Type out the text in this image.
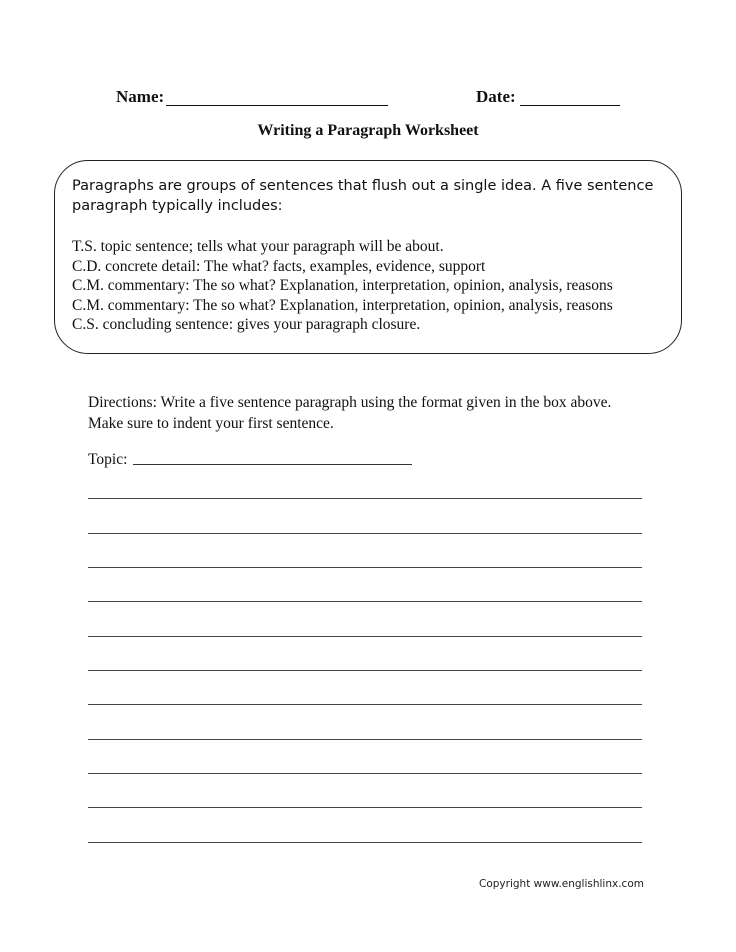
Name:	Date:
Writing a Paragraph Worksheet
Paragraphs are groups of sentences that flush out a single idea. A five sentence paragraph typically includes:
T.S. topic sentence; tells what your paragraph will be about.
C.D. concrete detail: The what? facts, examples, evidence, support
C.M. commentary: The so what? Explanation, interpretation, opinion, analysis, reasons
C.M. commentary: The so what? Explanation, interpretation, opinion, analysis, reasons
C.S. concluding sentence: gives your paragraph closure.
Directions: Write a five sentence paragraph using the format given in the box above. Make sure to indent your first sentence.
Topic:
Copyright www.englishlinx.com
